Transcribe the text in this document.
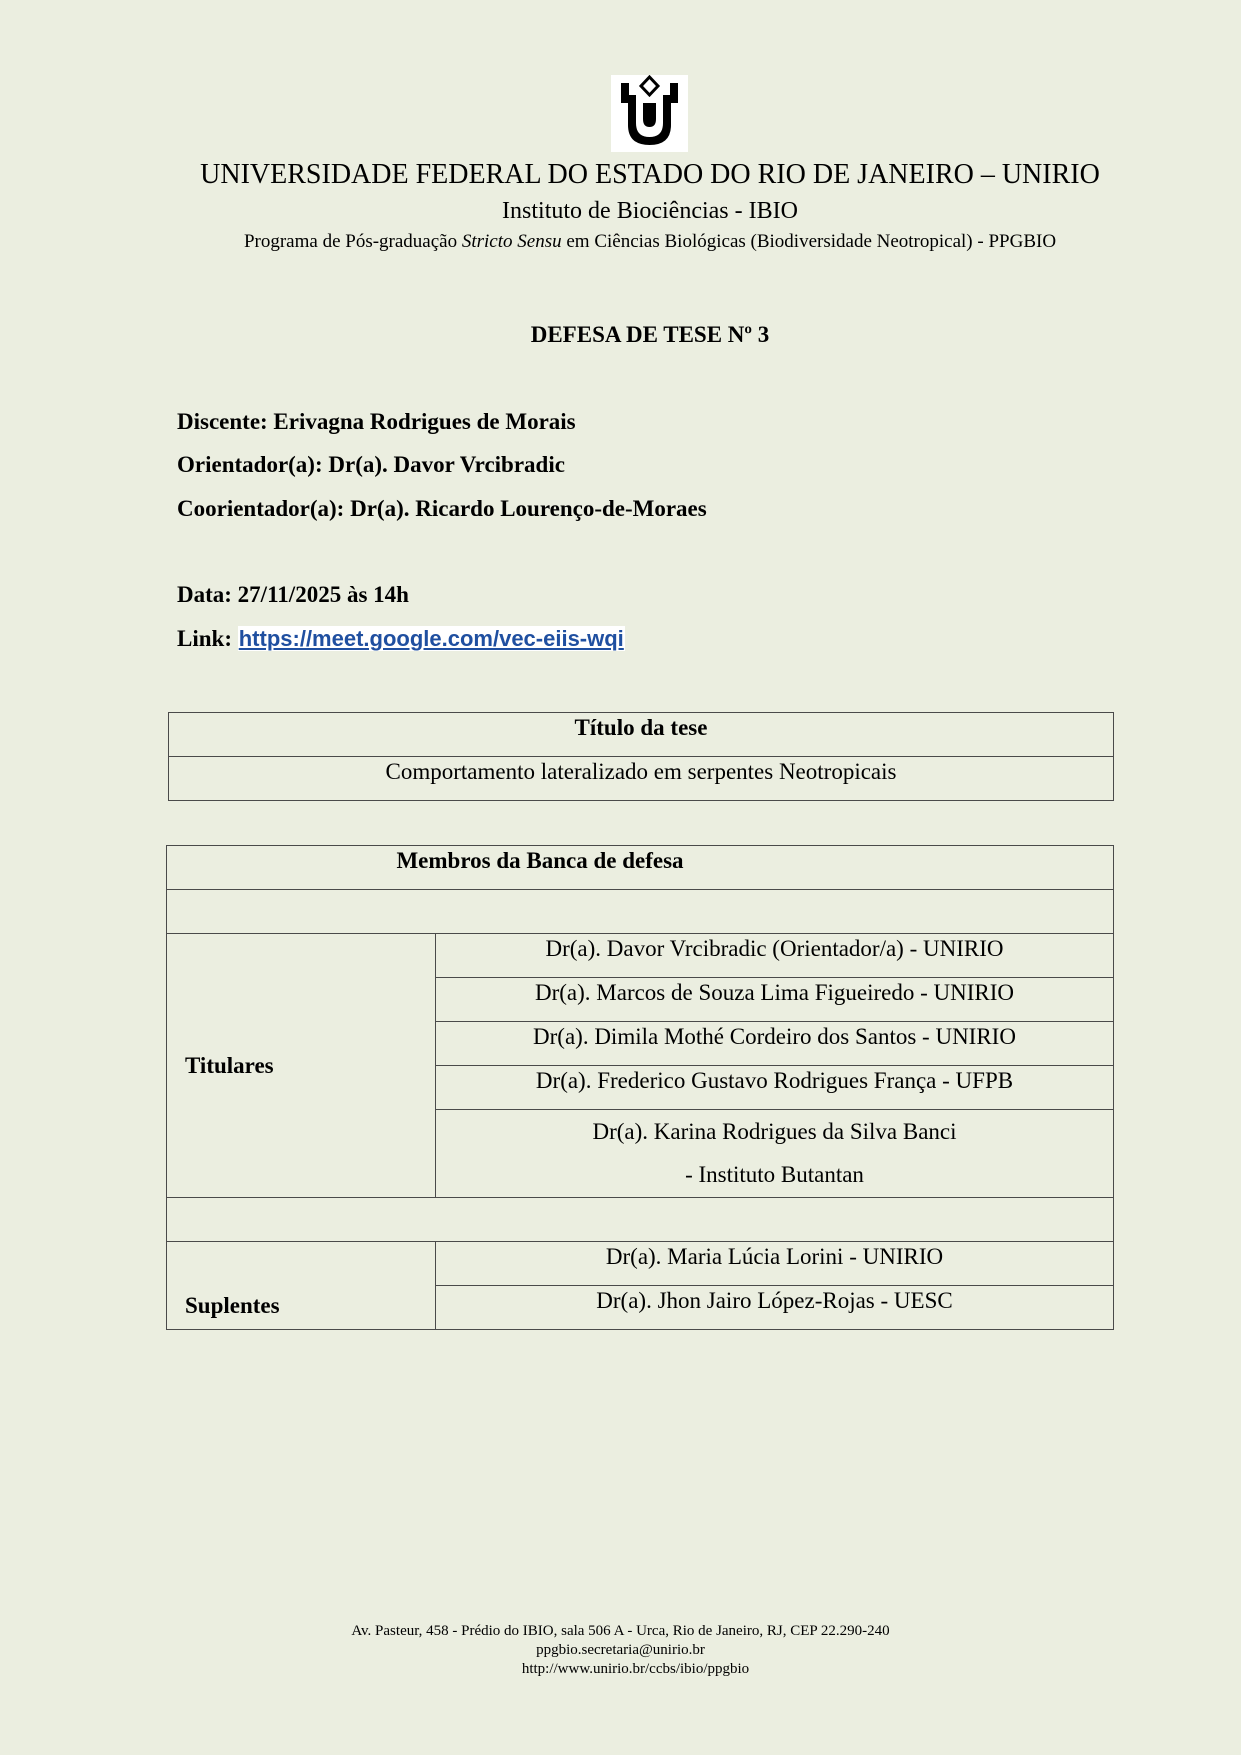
UNIVERSIDADE FEDERAL DO ESTADO DO RIO DE JANEIRO – UNIRIO
Instituto de Biociências - IBIO
Programa de Pós-graduação Stricto Sensu em Ciências Biológicas (Biodiversidade Neotropical) - PPGBIO
DEFESA DE TESE Nº 3
Discente: Erivagna Rodrigues de Morais
Orientador(a): Dr(a). Davor Vrcibradic
Coorientador(a): Dr(a). Ricardo Lourenço-de-Moraes
Data: 27/11/2025 às 14h
Link: https://meet.google.com/vec-eiis-wqi
Título da tese

Comportamento lateralizado em serpentes Neotropicais
Membros da Banca de defesa	

Titulares	Dr(a). Davor Vrcibradic (Orientador/a) - UNIRIO

	Dr(a). Marcos de Souza Lima Figueiredo - UNIRIO

	Dr(a). Dimila Mothé Cordeiro dos Santos - UNIRIO

	Dr(a). Frederico Gustavo Rodrigues França - UFPB

	Dr(a). Karina Rodrigues da Silva Banci - Instituto Butantan

Suplentes	Dr(a). Maria Lúcia Lorini - UNIRIO

	Dr(a). Jhon Jairo López-Rojas - UESC
Av. Pasteur, 458 - Prédio do IBIO, sala 506 A - Urca, Rio de Janeiro, RJ, CEP 22.290-240
ppgbio.secretaria@unirio.br
http://www.unirio.br/ccbs/ibio/ppgbio
